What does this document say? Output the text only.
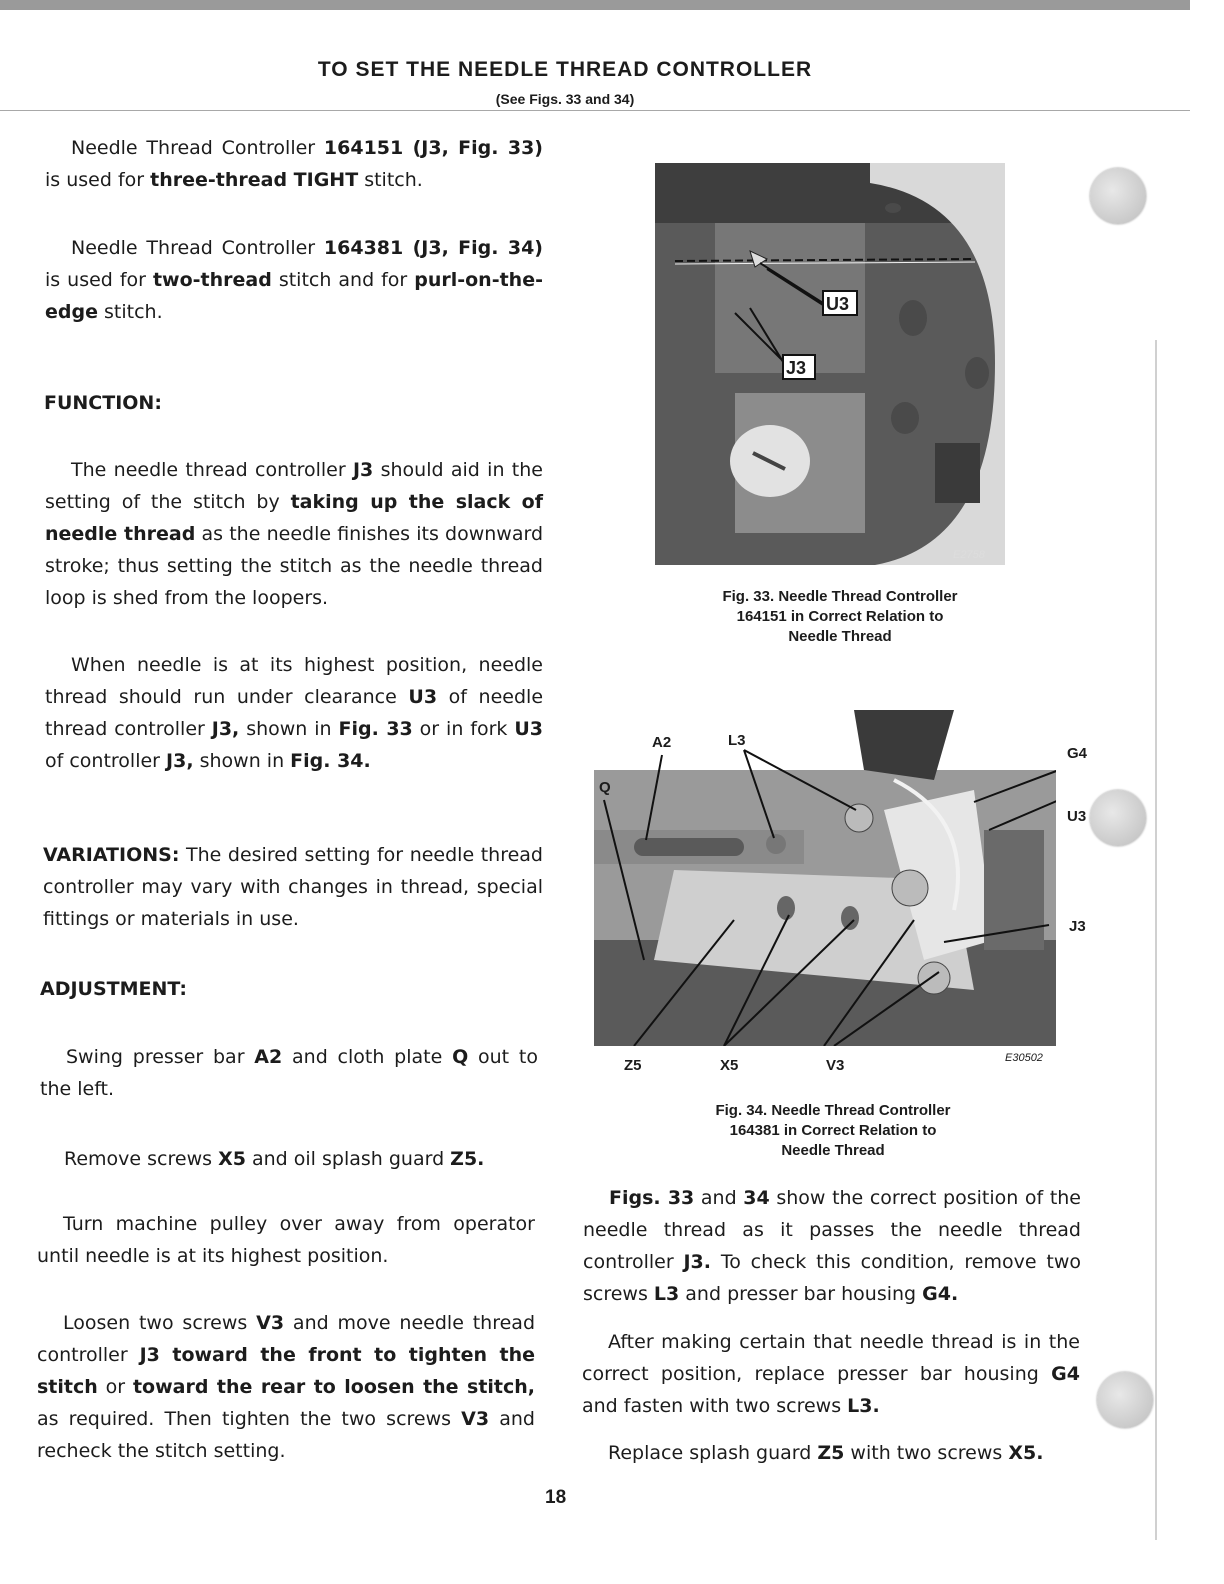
TO SET THE NEEDLE THREAD CONTROLLER
(See Figs. 33 and 34)

Needle Thread Controller 164151 (J3, Fig. 33) is used for three-thread TIGHT stitch.

Needle Thread Controller 164381 (J3, Fig. 34) is used for two-thread stitch and for purl-on-the-edge stitch.

FUNCTION:

The needle thread controller J3 should aid in the setting of the stitch by taking up the slack of needle thread as the needle finishes its downward stroke; thus setting the stitch as the needle thread loop is shed from the loopers.

When needle is at its highest position, needle thread should run under clearance U3 of needle thread controller J3, shown in Fig. 33 or in fork U3 of controller J3, shown in Fig. 34.

VARIATIONS: The desired setting for needle thread controller may vary with changes in thread, special fittings or materials in use.

ADJUSTMENT:

Swing presser bar A2 and cloth plate Q out to the left.

Remove screws X5 and oil splash guard Z5.

Turn machine pulley over away from operator until needle is at its highest position.

Loosen two screws V3 and move needle thread controller J3 toward the front to tighten the stitch or toward the rear to loosen the stitch, as required. Then tighten the two screws V3 and recheck the stitch setting.

U3
J3
E2758
Fig. 33. Needle Thread Controller
164151 in Correct Relation to
Needle Thread
A2	L3
G4
Q
U3
J3
Z5	X5	V3	E30502
Fig. 34. Needle Thread Controller
164381 in Correct Relation to
Needle Thread

Figs. 33 and 34 show the correct position of the needle thread as it passes the needle thread controller J3. To check this condition, remove two screws L3 and presser bar housing G4.

After making certain that needle thread is in the correct position, replace presser bar housing G4 and fasten with two screws L3.

Replace splash guard Z5 with two screws X5.

18
